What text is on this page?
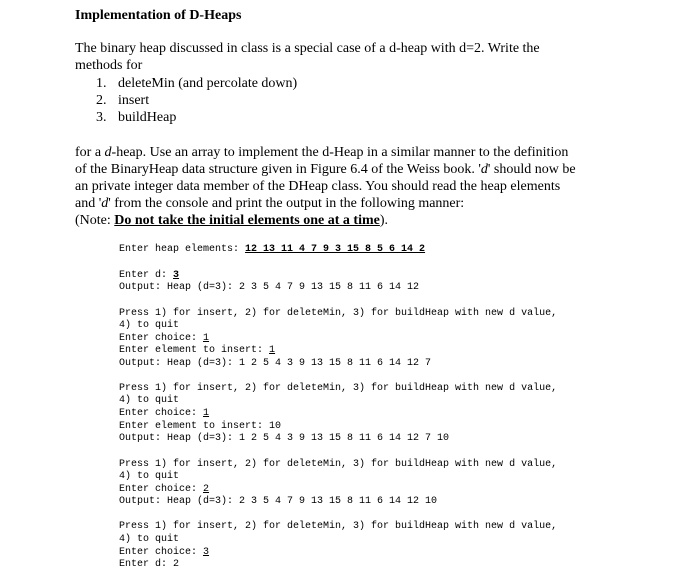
Implementation of D-Heaps
The binary heap discussed in class is a special case of a d-heap with d=2. Write the
methods for
1. deleteMin (and percolate down)
2. insert
3. buildHeap
for a d-heap. Use an array to implement the d-Heap in a similar manner to the definition
of the BinaryHeap data structure given in Figure 6.4 of the Weiss book. 'd' should now be
an private integer data member of the DHeap class. You should read the heap elements
and 'd' from the console and print the output in the following manner:
(Note: Do not take the initial elements one at a time).
Enter heap elements: 12 13 11 4 7 9 3 15 8 5 6 14 2
Enter d: 3
Output: Heap (d=3): 2 3 5 4 7 9 13 15 8 11 6 14 12
Press 1) for insert, 2) for deleteMin, 3) for buildHeap with new d value,
4) to quit
Enter choice: 1
Enter element to insert: 1
Output: Heap (d=3): 1 2 5 4 3 9 13 15 8 11 6 14 12 7
Press 1) for insert, 2) for deleteMin, 3) for buildHeap with new d value,
4) to quit
Enter choice: 1
Enter element to insert: 10
Output: Heap (d=3): 1 2 5 4 3 9 13 15 8 11 6 14 12 7 10
Press 1) for insert, 2) for deleteMin, 3) for buildHeap with new d value,
4) to quit
Enter choice: 2
Output: Heap (d=3): 2 3 5 4 7 9 13 15 8 11 6 14 12 10
Press 1) for insert, 2) for deleteMin, 3) for buildHeap with new d value,
4) to quit
Enter choice: 3
Enter d: 2
